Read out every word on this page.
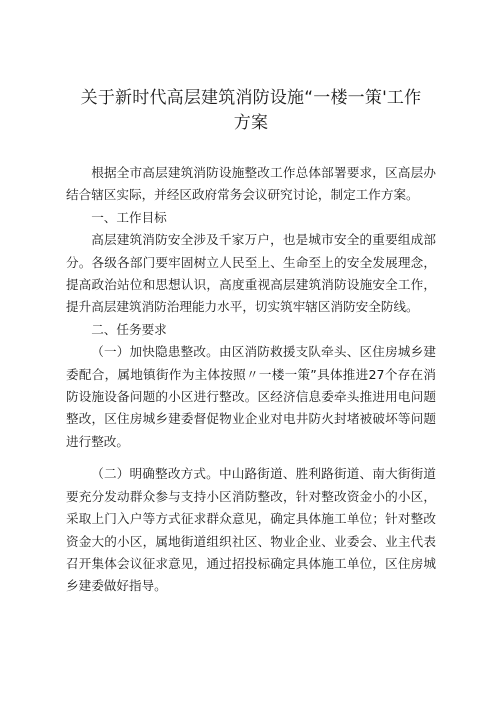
关于新时代高层建筑消防设施“一楼一策'工作
方案

根据全市高层建筑消防设施整改工作总体部署要求，区高层办结合辖区实际，并经区政府常务会议研究讨论，制定工作方案。

一、工作目标

高层建筑消防安全涉及千家万户，也是城市安全的重要组成部分。各级各部门要牢固树立人民至上、生命至上的安全发展理念，提高政治站位和思想认识，高度重视高层建筑消防设施安全工作，提升高层建筑消防治理能力水平，切实筑牢辖区消防安全防线。

二、任务要求

（一）加快隐患整改。由区消防救援支队牵头、区住房城乡建委配合，属地镇街作为主体按照〃一楼一策”具体推进27个存在消防设施设备问题的小区进行整改。区经济信息委牵头推进用电问题整改，区住房城乡建委督促物业企业对电井防火封堵被破坏等问题进行整改。

（二）明确整改方式。中山路街道、胜利路街道、南大街街道要充分发动群众参与支持小区消防整改，针对整改资金小的小区，采取上门入户等方式征求群众意见，确定具体施工单位；针对整改资金大的小区，属地街道组织社区、物业企业、业委会、业主代表召开集体会议征求意见，通过招投标确定具体施工单位，区住房城乡建委做好指导。
